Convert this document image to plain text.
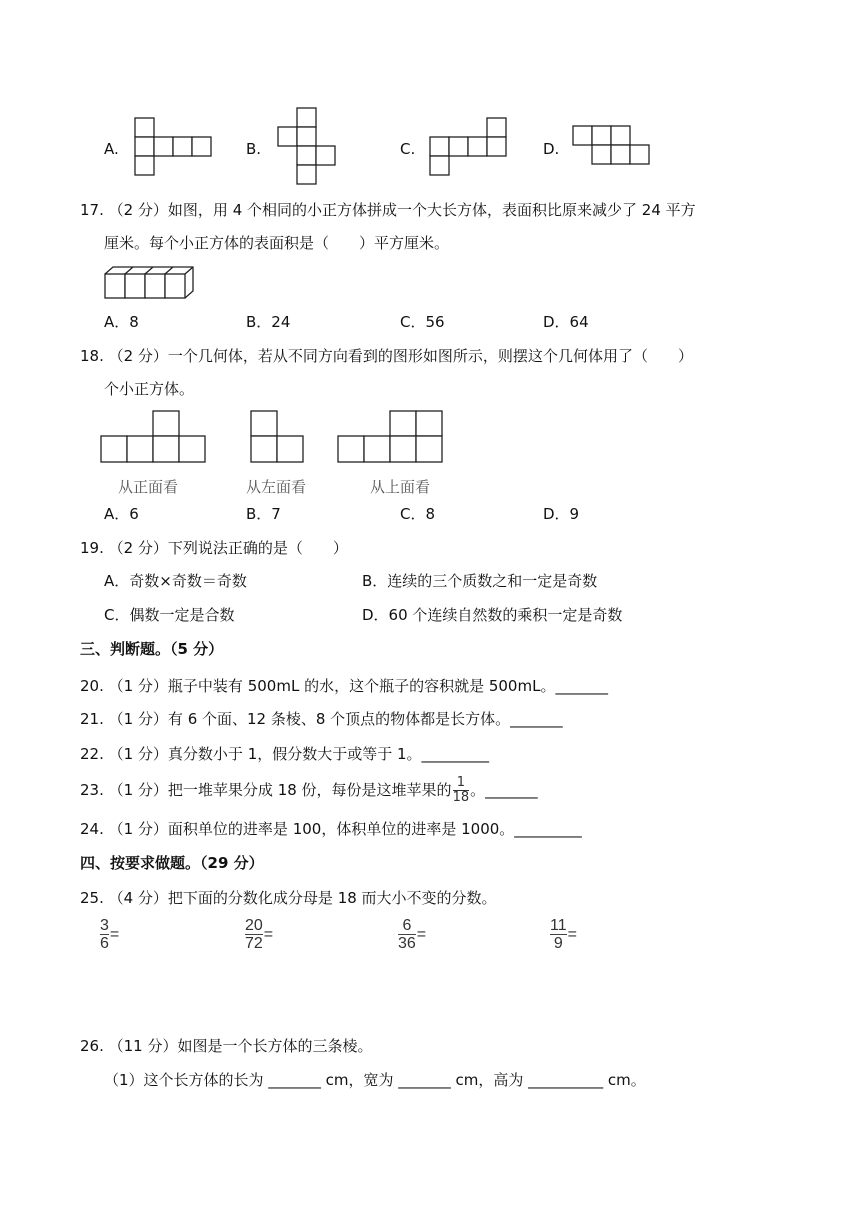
A.	B.	C.	D.
17. （2 分）如图，用 4 个相同的小正方体拼成一个大长方体，表面积比原来减少了 24 平方
厘米。每个小正方体的表面积是（　　）平方厘米。
A．8	B．24	C．56	D．64
18. （2 分）一个几何体，若从不同方向看到的图形如图所示，则摆这个几何体用了（　　）
个小正方体。
从正面看	从左面看	从上面看
A．6	B．7	C．8	D．9
19. （2 分）下列说法正确的是（　　）
A．奇数×奇数＝奇数	B．连续的三个质数之和一定是奇数
C．偶数一定是合数	D．60 个连续自然数的乘积一定是奇数
三、判断题。（5 分）
20. （1 分）瓶子中装有 500mL 的水，这个瓶子的容积就是 500mL。_______
21. （1 分）有 6 个面、12 条棱、8 个顶点的物体都是长方体。_______
22. （1 分）真分数小于 1，假分数大于或等于 1。_________
23. （1 分）把一堆苹果分成 18 份，每份是这堆苹果的 $\frac{1}{18}$ 。_______
24. （1 分）面积单位的进率是 100，体积单位的进率是 1000。_________
四、按要求做题。（29 分）
25. （4 分）把下面的分数化成分母是 18 而大小不变的分数。
$\frac{3}{6}$ =	$\frac{20}{72}$ =	$\frac{6}{36}$ =	$\frac{11}{9}$ =
26. （11 分）如图是一个长方体的三条棱。
（1）这个长方体的长为 _______ cm，宽为 _______ cm，高为 __________ cm。
